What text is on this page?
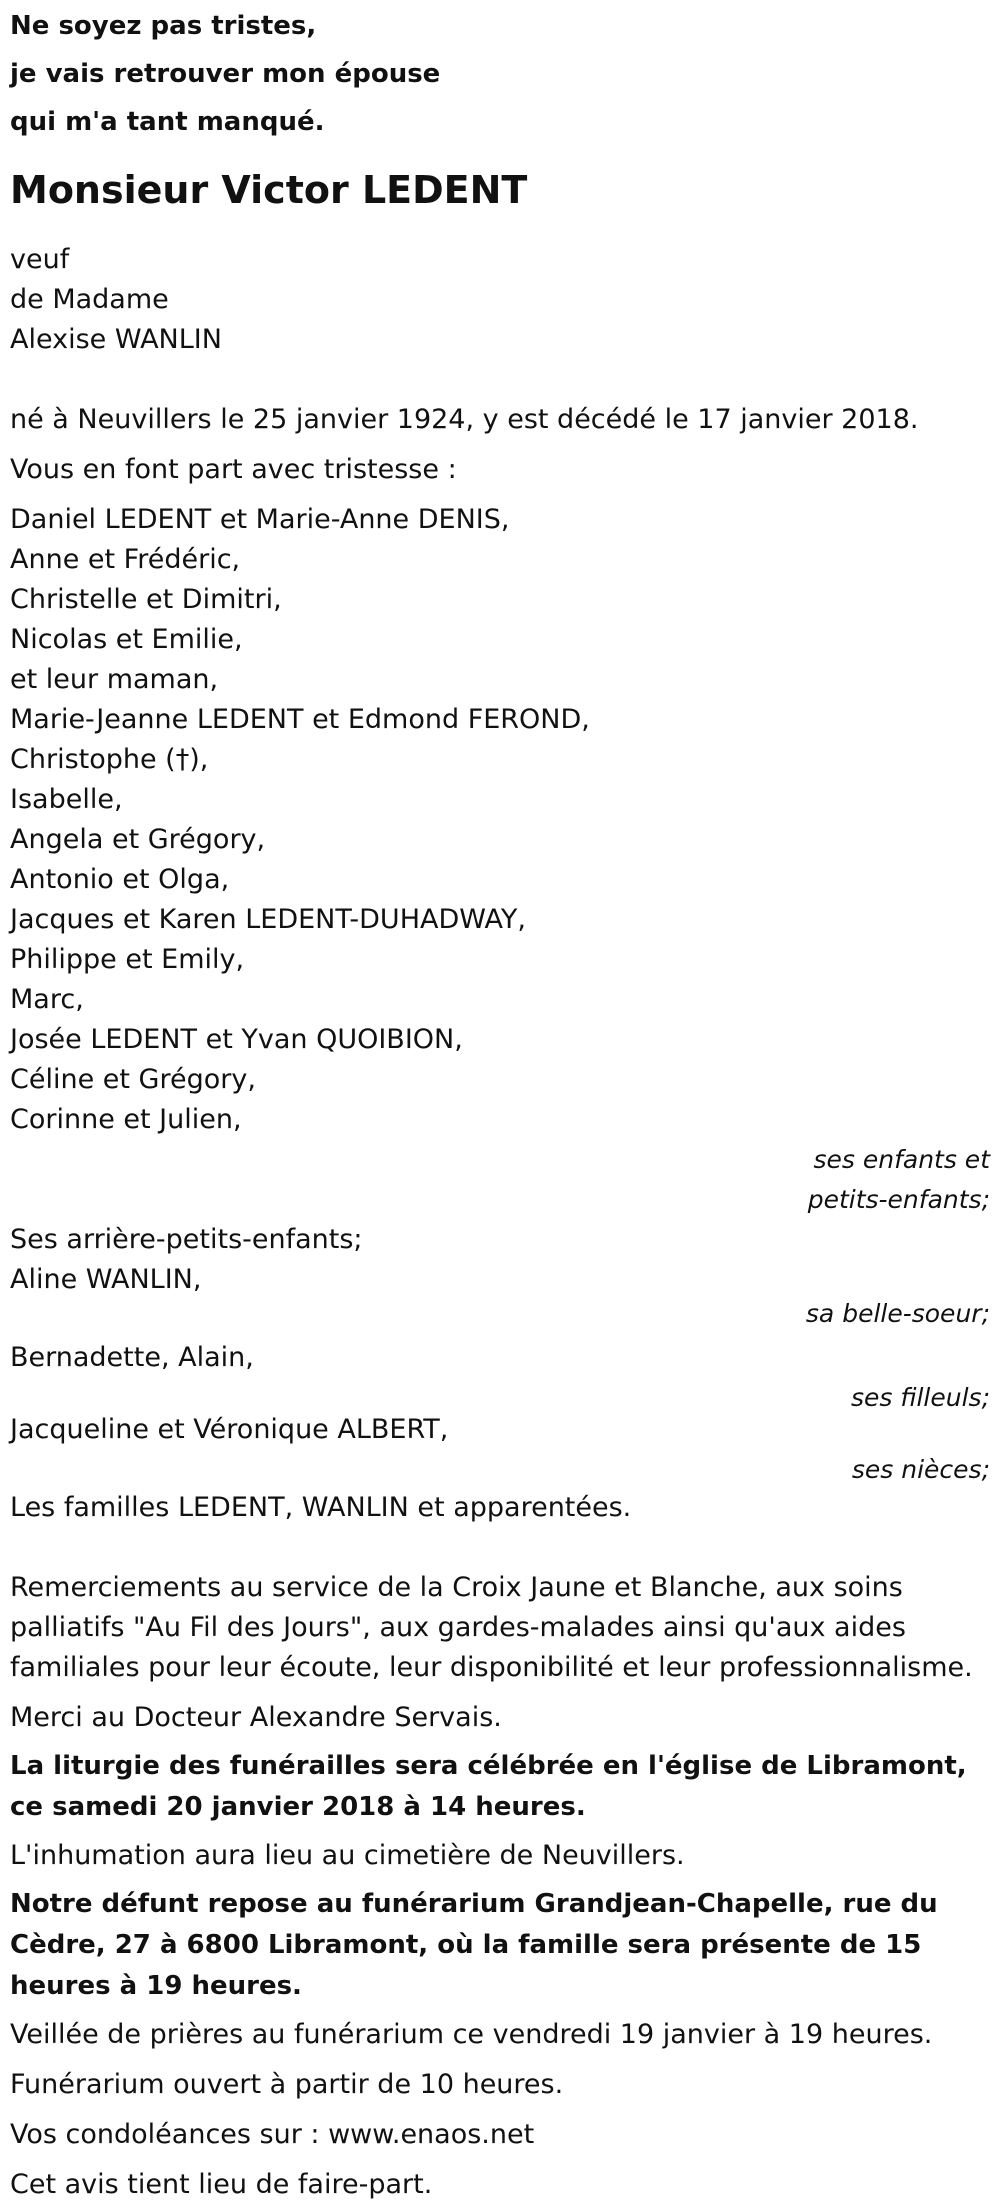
Ne soyez pas tristes,
je vais retrouver mon épouse
qui m'a tant manqué.
Monsieur Victor LEDENT
veuf
de Madame
Alexise WANLIN
né à Neuvillers le 25 janvier 1924, y est décédé le 17 janvier 2018.
Vous en font part avec tristesse :
Daniel LEDENT et Marie-Anne DENIS,
Anne et Frédéric,
Christelle et Dimitri,
Nicolas et Emilie,
et leur maman,
Marie-Jeanne LEDENT et Edmond FEROND,
Christophe (†),
Isabelle,
Angela et Grégory,
Antonio et Olga,
Jacques et Karen LEDENT-DUHADWAY,
Philippe et Emily,
Marc,
Josée LEDENT et Yvan QUOIBION,
Céline et Grégory,
Corinne et Julien,
ses enfants et
petits-enfants;
Ses arrière-petits-enfants;
Aline WANLIN,
sa belle-soeur;
Bernadette, Alain,
ses filleuls;
Jacqueline et Véronique ALBERT,
ses nièces;
Les familles LEDENT, WANLIN et apparentées.
Remerciements au service de la Croix Jaune et Blanche, aux soins palliatifs "Au Fil des Jours", aux gardes-malades ainsi qu'aux aides familiales pour leur écoute, leur disponibilité et leur professionnalisme.
Merci au Docteur Alexandre Servais.
La liturgie des funérailles sera célébrée en l'église de Libramont, ce samedi 20 janvier 2018 à 14 heures.
L'inhumation aura lieu au cimetière de Neuvillers.
Notre défunt repose au funérarium Grandjean-Chapelle, rue du Cèdre, 27 à 6800 Libramont, où la famille sera présente de 15 heures à 19 heures.
Veillée de prières au funérarium ce vendredi 19 janvier à 19 heures.
Funérarium ouvert à partir de 10 heures.
Vos condoléances sur : www.enaos.net
Cet avis tient lieu de faire-part.
